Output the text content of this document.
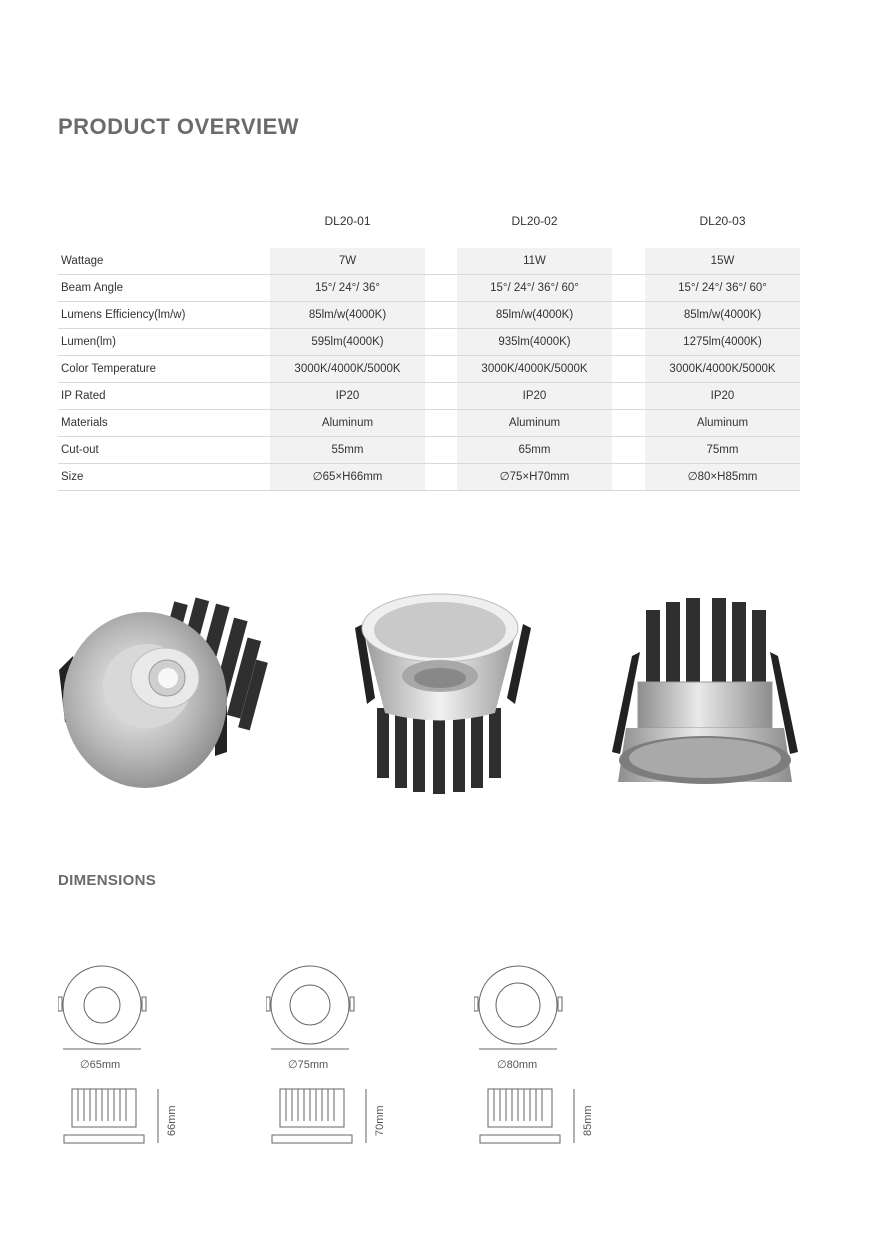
PRODUCT OVERVIEW
DL20-01	DL20-02	DL20-03
Wattage	7W	11W	15W
Beam Angle	15°/ 24°/ 36°	15°/ 24°/ 36°/ 60°	15°/ 24°/ 36°/ 60°
Lumens Efficiency(lm/w)	85lm/w(4000K)	85lm/w(4000K)	85lm/w(4000K)
Lumen(lm)	595lm(4000K)	935lm(4000K)	1275lm(4000K)
Color Temperature	3000K/4000K/5000K	3000K/4000K/5000K	3000K/4000K/5000K
IP Rated	IP20	IP20	IP20
Materials	Aluminum	Aluminum	Aluminum
Cut-out	55mm	65mm	75mm
Size	∅65×H66mm	∅75×H70mm	∅80×H85mm
DIMENSIONS
∅65mm
66mm
∅75mm
70mm
∅80mm
85mm
